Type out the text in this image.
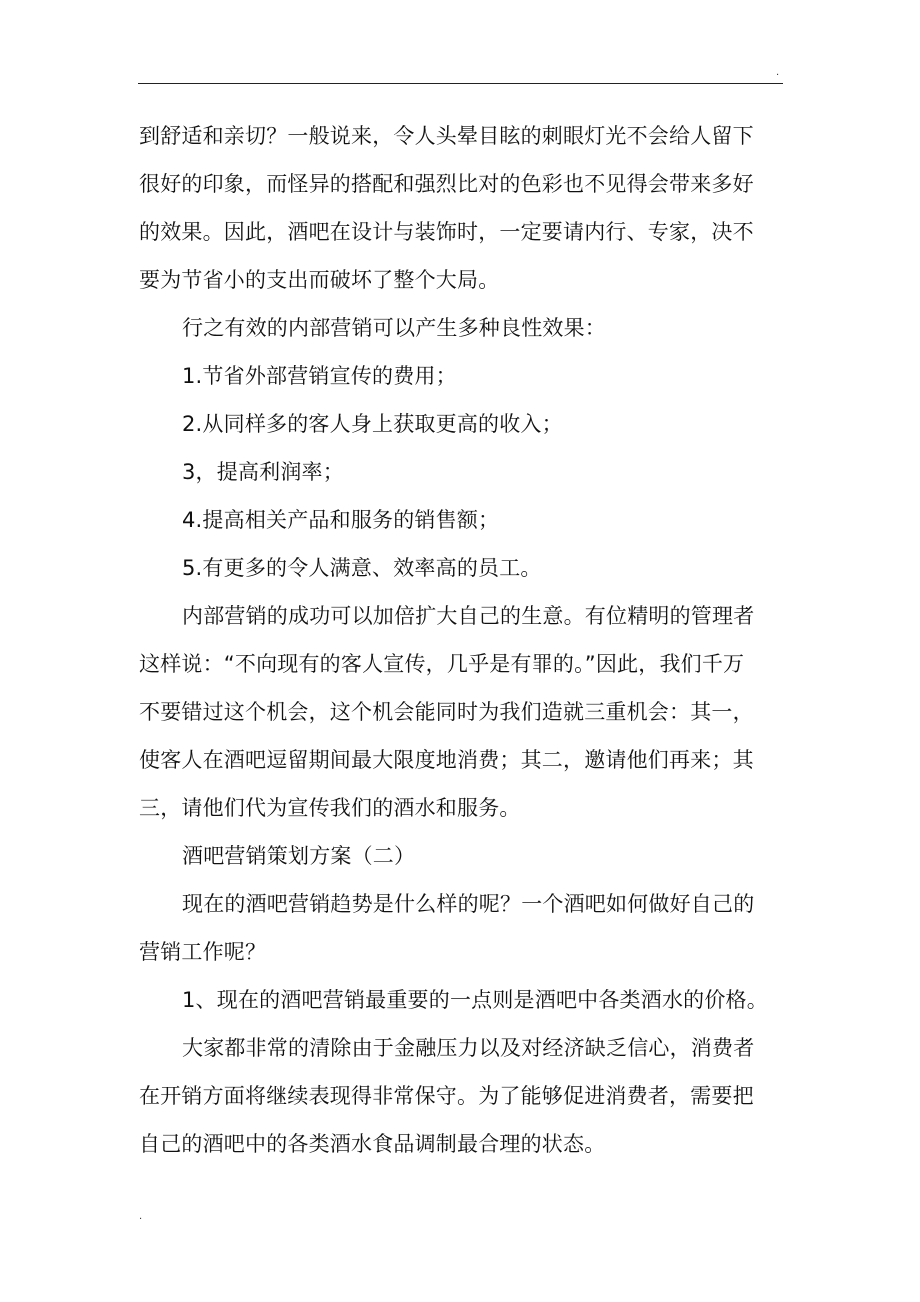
.
到舒适和亲切？一般说来，令人头晕目眩的刺眼灯光不会给人留下
很好的印象，而怪异的搭配和强烈比对的色彩也不见得会带来多好
的效果。因此，酒吧在设计与装饰时，一定要请内行、专家，决不
要为节省小的支出而破坏了整个大局。
行之有效的内部营销可以产生多种良性效果：
1.节省外部营销宣传的费用；
2.从同样多的客人身上获取更高的收入；
3，提高利润率；
4.提高相关产品和服务的销售额；
5.有更多的令人满意、效率高的员工。
内部营销的成功可以加倍扩大自己的生意。有位精明的管理者
这样说：“不向现有的客人宣传，几乎是有罪的。”因此，我们千万
不要错过这个机会，这个机会能同时为我们造就三重机会：其一，
使客人在酒吧逗留期间最大限度地消费；其二，邀请他们再来；其
三，请他们代为宣传我们的酒水和服务。
酒吧营销策划方案（二）
现在的酒吧营销趋势是什么样的呢？一个酒吧如何做好自己的
营销工作呢？
1、现在的酒吧营销最重要的一点则是酒吧中各类酒水的价格。
大家都非常的清除由于金融压力以及对经济缺乏信心，消费者
在开销方面将继续表现得非常保守。为了能够促进消费者，需要把
自己的酒吧中的各类酒水食品调制最合理的状态。
.
